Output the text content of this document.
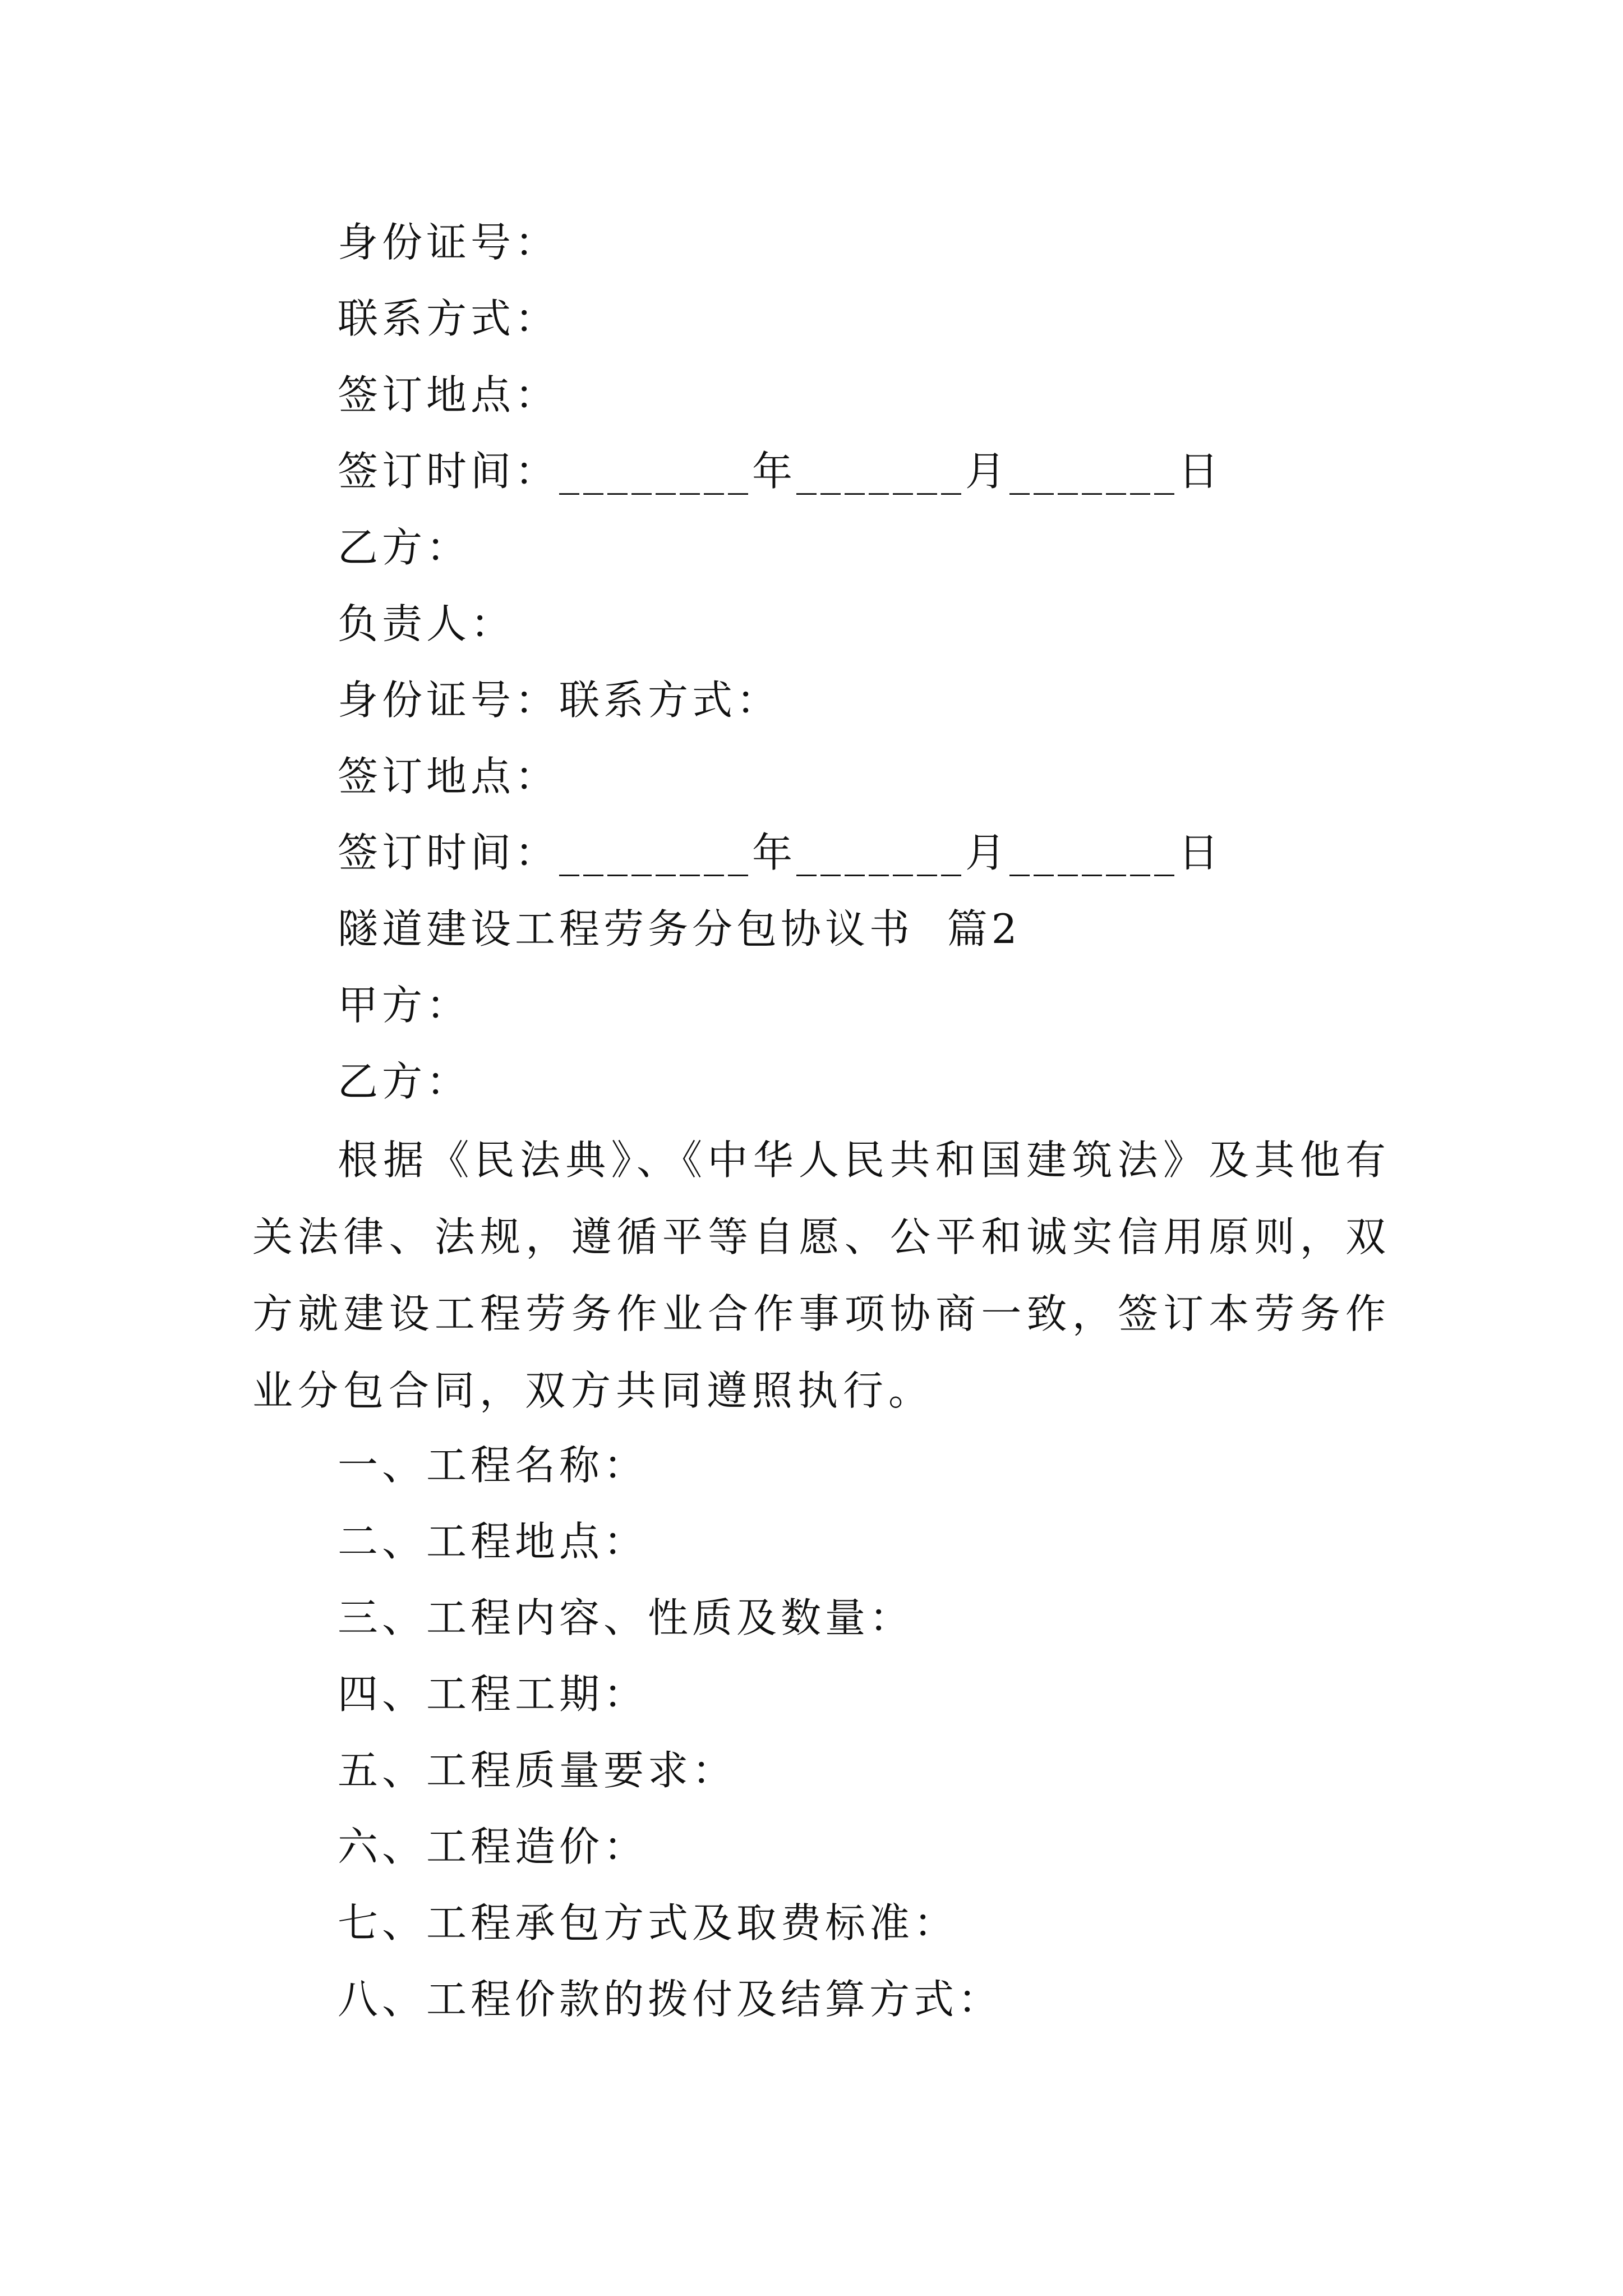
身份证号：
联系方式：
签订地点：
签订时间：________年_______月_______日
乙方：
负责人：
身份证号：联系方式：
签订地点：
签订时间：________年_______月_______日
隧道建设工程劳务分包协议书  篇2
甲方：
乙方：
根据《民法典》、《中华人民共和国建筑法》及其他有关法律、法规，遵循平等自愿、公平和诚实信用原则，双方就建设工程劳务作业合作事项协商一致，签订本劳务作业分包合同，双方共同遵照执行。
一、工程名称：
二、工程地点：
三、工程内容、性质及数量：
四、工程工期：
五、工程质量要求：
六、工程造价：
七、工程承包方式及取费标准：
八、工程价款的拨付及结算方式：
